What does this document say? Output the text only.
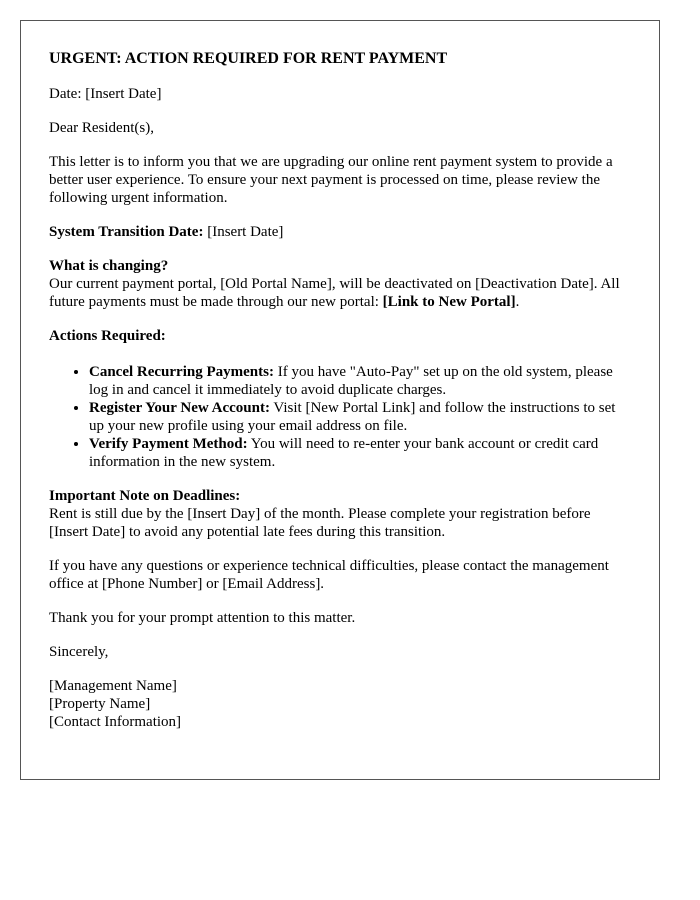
URGENT: ACTION REQUIRED FOR RENT PAYMENT

Date: [Insert Date]

Dear Resident(s),

This letter is to inform you that we are upgrading our online rent payment system to provide a better user experience. To ensure your next payment is processed on time, please review the following urgent information.

System Transition Date: [Insert Date]

What is changing?
Our current payment portal, [Old Portal Name], will be deactivated on [Deactivation Date]. All future payments must be made through our new portal: [Link to New Portal].

Actions Required:

• Cancel Recurring Payments: If you have "Auto-Pay" set up on the old system, please log in and cancel it immediately to avoid duplicate charges.
• Register Your New Account: Visit [New Portal Link] and follow the instructions to set up your new profile using your email address on file.
• Verify Payment Method: You will need to re-enter your bank account or credit card information in the new system.

Important Note on Deadlines:
Rent is still due by the [Insert Day] of the month. Please complete your registration before [Insert Date] to avoid any potential late fees during this transition.

If you have any questions or experience technical difficulties, please contact the management office at [Phone Number] or [Email Address].

Thank you for your prompt attention to this matter.

Sincerely,

[Management Name]
[Property Name]
[Contact Information]
